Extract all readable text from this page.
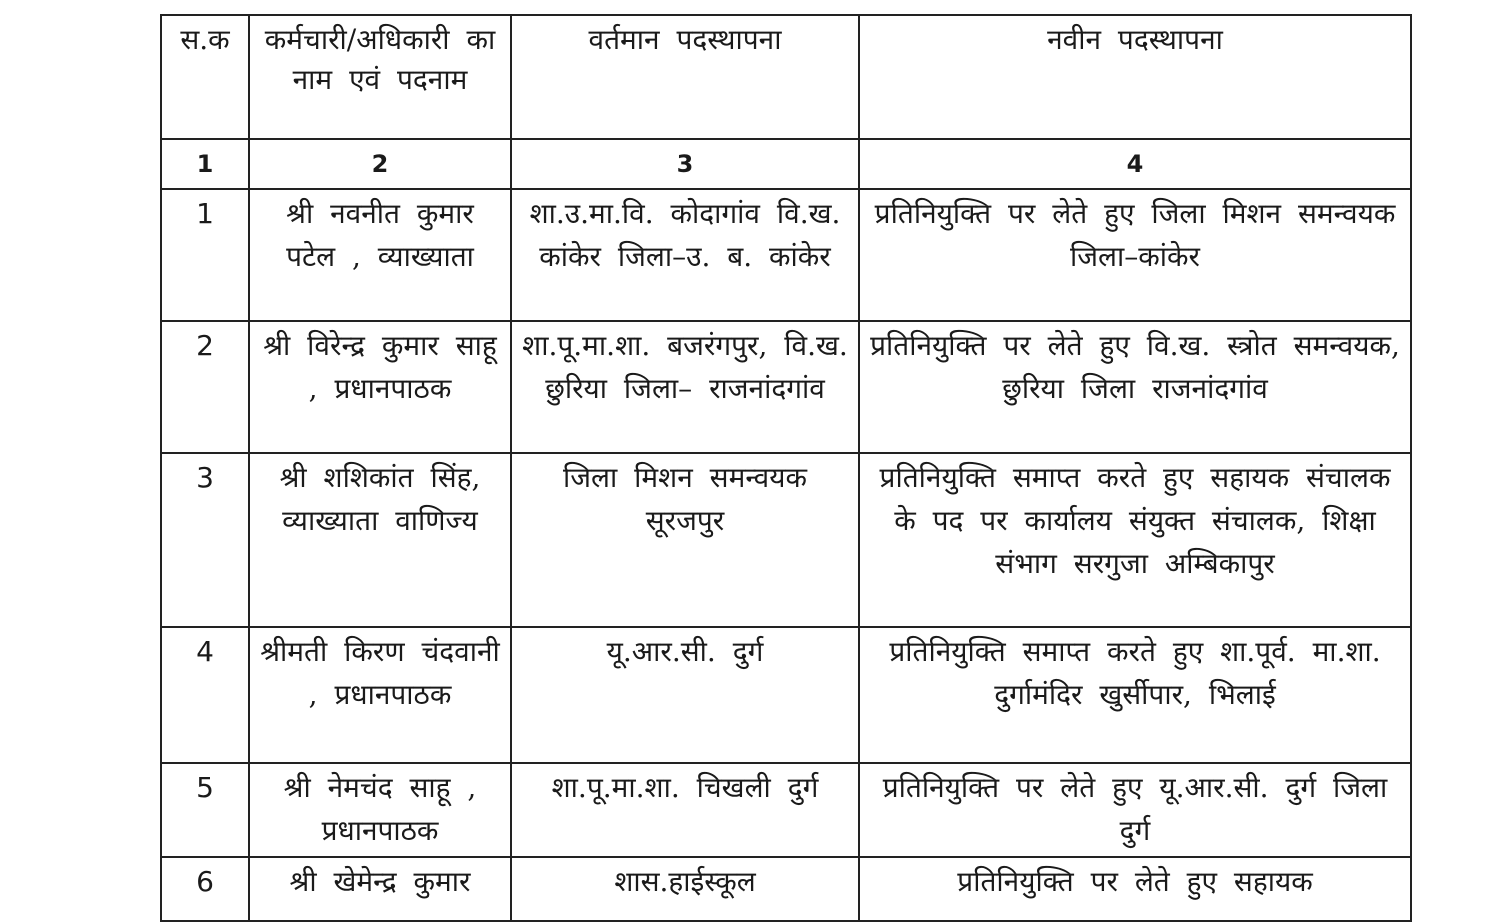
स.क	कर्मचारी/अधिकारी का नाम एवं पदनाम	वर्तमान पदस्थापना	नवीन पदस्थापना
1	2	3	4
1	श्री नवनीत कुमार पटेल , व्याख्याता	शा.उ.मा.वि. कोदागांव वि.ख. कांकेर जिला–उ. ब. कांकेर	प्रतिनियुक्ति पर लेते हुए जिला मिशन समन्वयक जिला–कांकेर
2	श्री विरेन्द्र कुमार साहू , प्रधानपाठक	शा.पू.मा.शा. बजरंगपुर, वि.ख. छुरिया जिला– राजनांदगांव	प्रतिनियुक्ति पर लेते हुए वि.ख. स्त्रोत समन्वयक, छुरिया जिला राजनांदगांव
3	श्री शशिकांत सिंह, व्याख्याता वाणिज्य	जिला मिशन समन्वयक सूरजपुर	प्रतिनियुक्ति समाप्त करते हुए सहायक संचालक के पद पर कार्यालय संयुक्त संचालक, शिक्षा संभाग सरगुजा अम्बिकापुर
4	श्रीमती किरण चंदवानी , प्रधानपाठक	यू.आर.सी. दुर्ग	प्रतिनियुक्ति समाप्त करते हुए शा.पूर्व. मा.शा. दुर्गामंदिर खुर्सीपार, भिलाई
5	श्री नेमचंद साहू , प्रधानपाठक	शा.पू.मा.शा. चिखली दुर्ग	प्रतिनियुक्ति पर लेते हुए यू.आर.सी. दुर्ग जिला दुर्ग
6	श्री खेमेन्द्र कुमार	शास.हाईस्कूल	प्रतिनियुक्ति पर लेते हुए सहायक
